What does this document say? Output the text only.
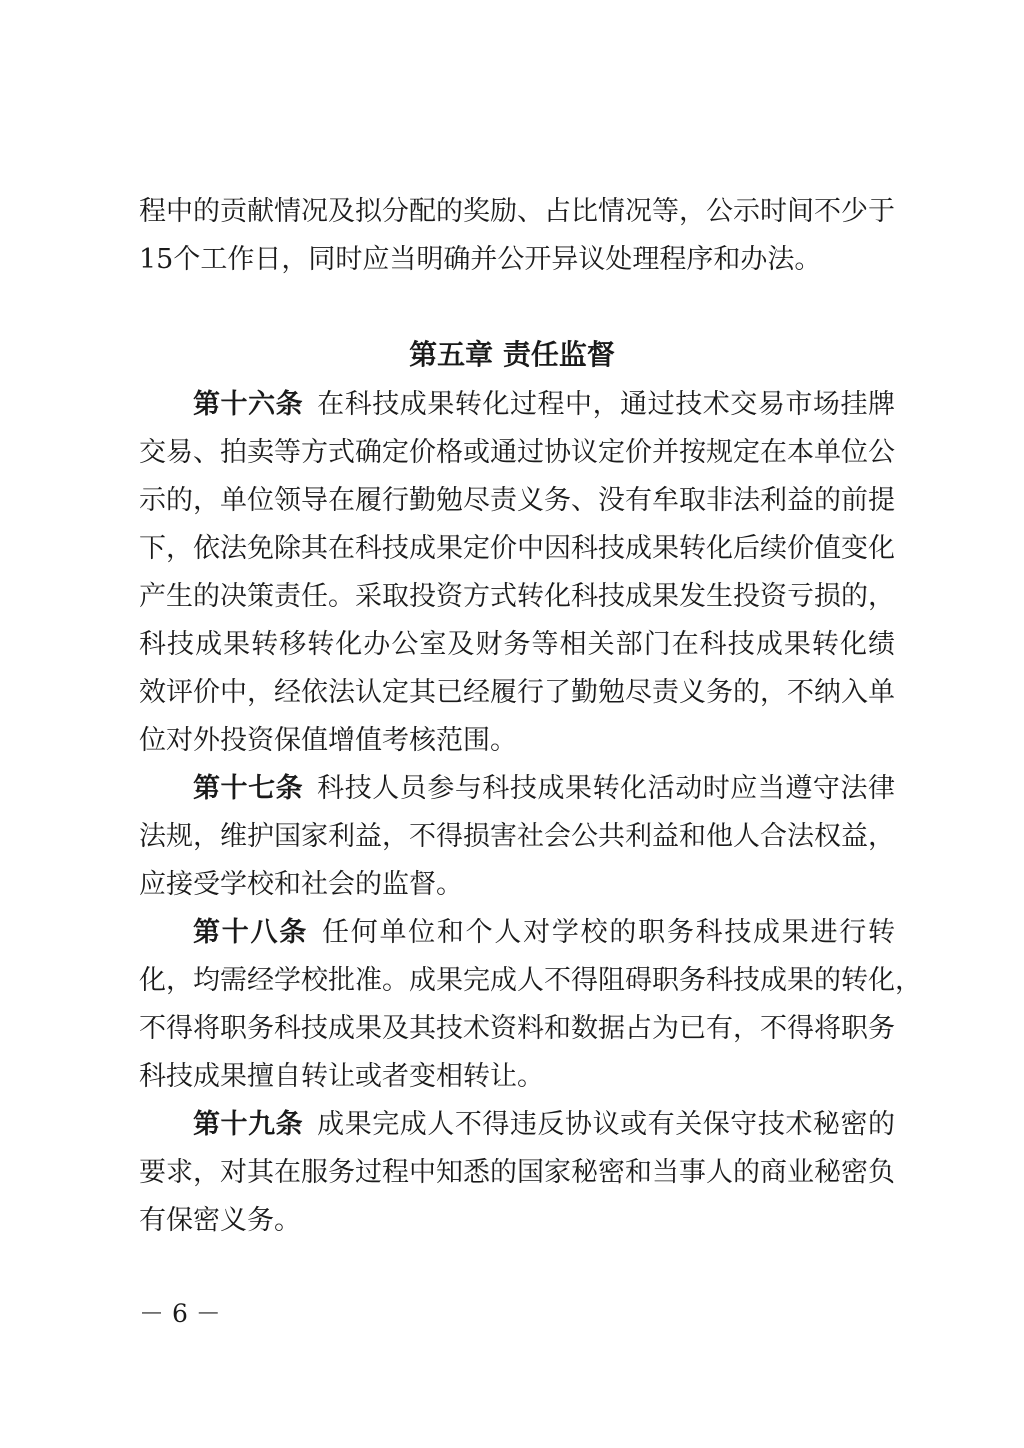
程中的贡献情况及拟分配的奖励、占比情况等，公示时间不少于
15个工作日，同时应当明确并公开异议处理程序和办法。
第五章 责任监督
第十六条 在科技成果转化过程中，通过技术交易市场挂牌
交易、拍卖等方式确定价格或通过协议定价并按规定在本单位公
示的，单位领导在履行勤勉尽责义务、没有牟取非法利益的前提
下，依法免除其在科技成果定价中因科技成果转化后续价值变化
产生的决策责任。采取投资方式转化科技成果发生投资亏损的，
科技成果转移转化办公室及财务等相关部门在科技成果转化绩
效评价中，经依法认定其已经履行了勤勉尽责义务的，不纳入单
位对外投资保值增值考核范围。
第十七条 科技人员参与科技成果转化活动时应当遵守法律
法规，维护国家利益，不得损害社会公共利益和他人合法权益，
应接受学校和社会的监督。
第十八条 任何单位和个人对学校的职务科技成果进行转
化，均需经学校批准。成果完成人不得阻碍职务科技成果的转化，
不得将职务科技成果及其技术资料和数据占为已有，不得将职务
科技成果擅自转让或者变相转让。
第十九条 成果完成人不得违反协议或有关保守技术秘密的
要求，对其在服务过程中知悉的国家秘密和当事人的商业秘密负
有保密义务。
－ 6 －
